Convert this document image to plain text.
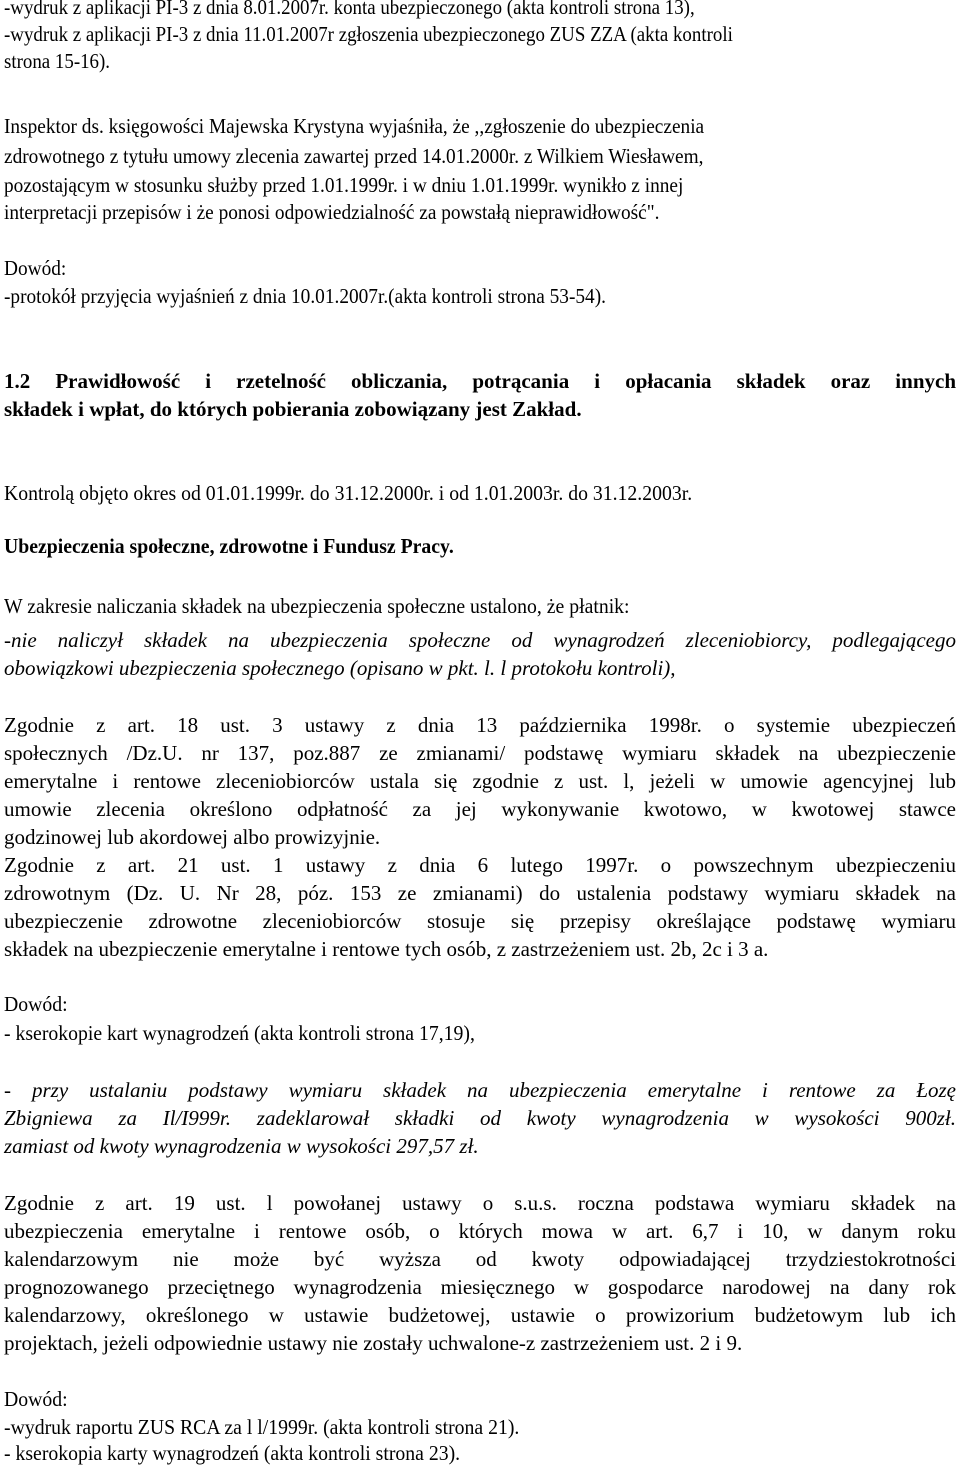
-wydruk z aplikacji PI-3 z dnia 8.01.2007r. konta ubezpieczonego (akta kontroli strona 13),

-wydruk z aplikacji PI-3 z dnia 11.01.2007r zgłoszenia ubezpieczonego ZUS ZZA (akta kontroli

strona 15-16).

Inspektor ds. księgowości Majewska Krystyna wyjaśniła, że ,,zgłoszenie do ubezpieczenia

zdrowotnego z tytułu umowy zlecenia zawartej przed 14.01.2000r. z Wilkiem Wiesławem,

pozostającym w stosunku służby przed 1.01.1999r. i w dniu 1.01.1999r. wynikło z innej

interpretacji przepisów i że ponosi odpowiedzialność za powstałą nieprawidłowość".

Dowód:

-protokół przyjęcia wyjaśnień z dnia 10.01.2007r.(akta kontroli strona 53-54).

1.2 Prawidłowość i rzetelność obliczania, potrącania i opłacania składek oraz innych

składek i wpłat, do których pobierania zobowiązany jest Zakład.

Kontrolą objęto okres od 01.01.1999r. do 31.12.2000r. i od 1.01.2003r. do 31.12.2003r.

Ubezpieczenia społeczne, zdrowotne i Fundusz Pracy.

W zakresie naliczania składek na ubezpieczenia społeczne ustalono, że płatnik:

-nie naliczył składek na ubezpieczenia społeczne od wynagrodzeń zleceniobiorcy, podlegającego

obowiązkowi ubezpieczenia społecznego (opisano w pkt. l. l protokołu kontroli),

Zgodnie z art. 18 ust. 3 ustawy z dnia 13 października 1998r. o systemie ubezpieczeń

społecznych /Dz.U. nr 137, poz.887 ze zmianami/ podstawę wymiaru składek na ubezpieczenie

emerytalne i rentowe zleceniobiorców ustala się zgodnie z ust. l, jeżeli w umowie agencyjnej lub

umowie zlecenia określono odpłatność za jej wykonywanie kwotowo, w kwotowej stawce

godzinowej lub akordowej albo prowizyjnie.

Zgodnie z art. 21 ust. 1 ustawy z dnia 6 lutego 1997r. o powszechnym ubezpieczeniu

zdrowotnym (Dz. U. Nr 28, póz. 153 ze zmianami) do ustalenia podstawy wymiaru składek na

ubezpieczenie zdrowotne zleceniobiorców stosuje się przepisy określające podstawę wymiaru

składek na ubezpieczenie emerytalne i rentowe tych osób, z zastrzeżeniem ust. 2b, 2c i 3 a.

Dowód:

- kserokopie kart wynagrodzeń (akta kontroli strona 17,19),

- przy ustalaniu podstawy wymiaru składek na ubezpieczenia emerytalne i rentowe za Łozę

Zbigniewa za Il/I999r. zadeklarował składki od kwoty wynagrodzenia w wysokości 900zł.

zamiast od kwoty wynagrodzenia w wysokości 297,57 zł.

Zgodnie z art. 19 ust. l powołanej ustawy o s.u.s. roczna podstawa wymiaru składek na

ubezpieczenia emerytalne i rentowe osób, o których mowa w art. 6,7 i 10, w danym roku

kalendarzowym nie może być wyższa od kwoty odpowiadającej trzydziestokrotności

prognozowanego przeciętnego wynagrodzenia miesięcznego w gospodarce narodowej na dany rok

kalendarzowy, określonego w ustawie budżetowej, ustawie o prowizorium budżetowym lub ich

projektach, jeżeli odpowiednie ustawy nie zostały uchwalone-z zastrzeżeniem ust. 2 i 9.

Dowód:

-wydruk raportu ZUS RCA za l l/1999r. (akta kontroli strona 21).

- kserokopia karty wynagrodzeń (akta kontroli strona 23).
